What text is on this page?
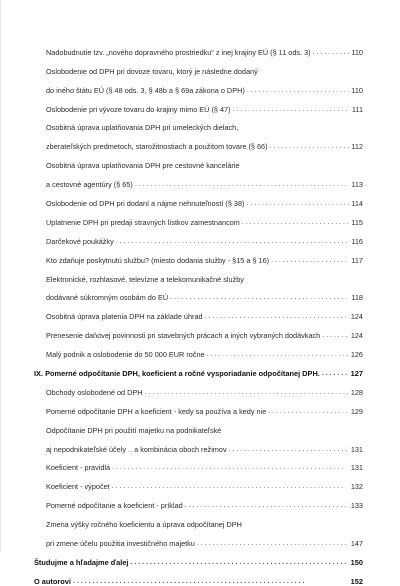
Nadobudnutie tzv. „nového dopravného prostriedku“ z inej krajiny EÚ (§ 11 ods. 3) . . .	110
Oslobodenie od DPH pri dovoze tovaru, ktorý je následne dodaný
do iného štátu EÚ (§ 48 ods. 3, § 48b a § 69a zákona o DPH) . . .	110
Oslobodenie pri vývoze tovaru do krajiny mimo EÚ (§ 47) . . .	111
Osobitná úprava uplatňovania DPH pri umeleckých dielach,
zberateľských predmetoch, starožitnostiach a použitom tovare (§ 66) . . .	112
Osobitná úprava uplatňovania DPH pre cestovné kancelárie
a cestovné agentúry (§ 65) . . .	113
Oslobodenie od DPH pri dodaní a nájme nehnuteľností (§ 38) . . .	114
Uplatnenie DPH pri predaji stravných lístkov zamestnancom . . .	115
Darčekové poukážky . . .	116
Kto zdaňuje poskytnutú službu? (miesto dodania služby - §15 a § 16) . . .	117
Elektronické, rozhlasové, televízne a telekomunikačné služby
dodávané súkromným osobám do EÚ . . .	118
Osobitná úprava platenia DPH na základe úhrad . . .	124
Prenesenie daňovej povinnosti pri stavebných prácach a iných vybraných dodávkach . . .	124
Malý podnik a oslobodenie do 50 000 EUR ročne . . .	126
IX. Pomerné odpočítanie DPH, koeficient a ročné vysporiadanie odpočítanej DPH. . . .	127
Obchody oslobodené od DPH . . .	128
Pomerné odpočítanie DPH a koeficient - kedy sa používa a kedy nie . . .	129
Odpočítanie DPH pri použití majetku na podnikateľské
aj nepodnikateľské účely .. a kombinácia oboch režimov . . .	131
Koeficient - pravidlá . . .	131
Koeficient - výpočet . . .	132
Pomerné odpočítanie a koeficient - príklad . . .	133
Zmena výšky ročného koeficientu a úprava odpočítanej DPH
pri zmene účelu použitia investičného majetku . . .	147
Študujme a hľadajme ďalej . . .	150
O autorovi . . .	152
